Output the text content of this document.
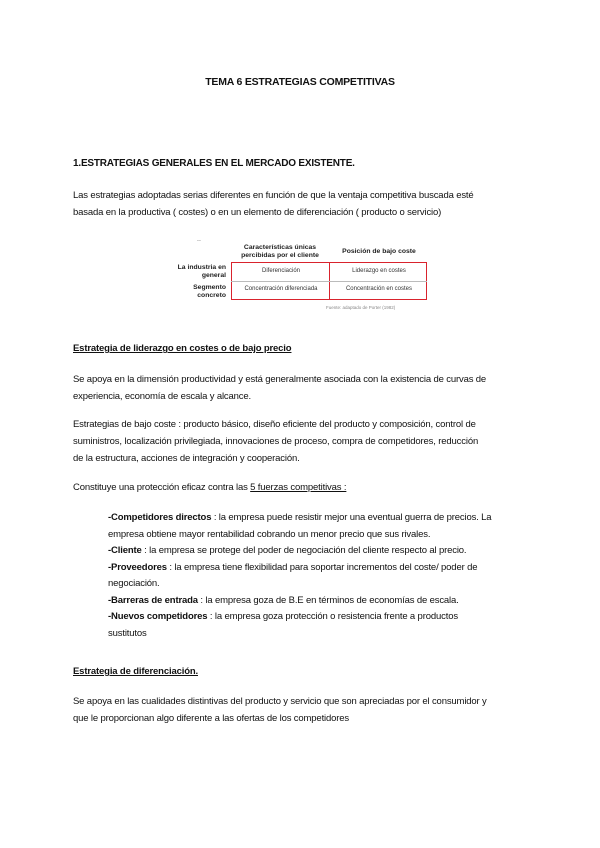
TEMA 6 ESTRATEGIAS COMPETITIVAS
1.ESTRATEGIAS GENERALES EN EL MERCADO EXISTENTE.
Las estrategias adoptadas serias diferentes en función de que la ventaja competitiva buscada esté
basada en la productiva ( costes) o en un elemento de diferenciación ( producto o servicio)
..
Características únicas
percibidas por el cliente
Posición de bajo coste
La industria en
general
Segmento
concreto
Diferenciación	Liderazgo en costes
Concentración diferenciada	Concentración en costes
Fuente: adaptado de Porter (1982)
Estrategia de liderazgo en costes o de bajo precio
Se apoya en la dimensión productividad y está generalmente asociada con la existencia de curvas de
experiencia, economía de escala y alcance.
Estrategias de bajo coste : producto básico, diseño eficiente del producto y composición, control de
suministros, localización privilegiada, innovaciones de proceso, compra de competidores, reducción
de la estructura, acciones de integración y cooperación.
Constituye una protección eficaz contra las 5 fuerzas competitivas :
-Competidores directos : la empresa puede resistir mejor una eventual guerra de precios. La
empresa obtiene mayor rentabilidad cobrando un menor precio que sus rivales.
-Cliente : la empresa se protege del poder de negociación del cliente respecto al precio.
-Proveedores : la empresa tiene flexibilidad para soportar incrementos del coste/ poder de
negociación.
-Barreras de entrada : la empresa goza de B.E en términos de economías de escala.
-Nuevos competidores : la empresa goza protección o resistencia frente a productos
sustitutos
Estrategia de diferenciación.
Se apoya en las cualidades distintivas del producto y servicio que son apreciadas por el consumidor y
que le proporcionan algo diferente a las ofertas de los competidores
